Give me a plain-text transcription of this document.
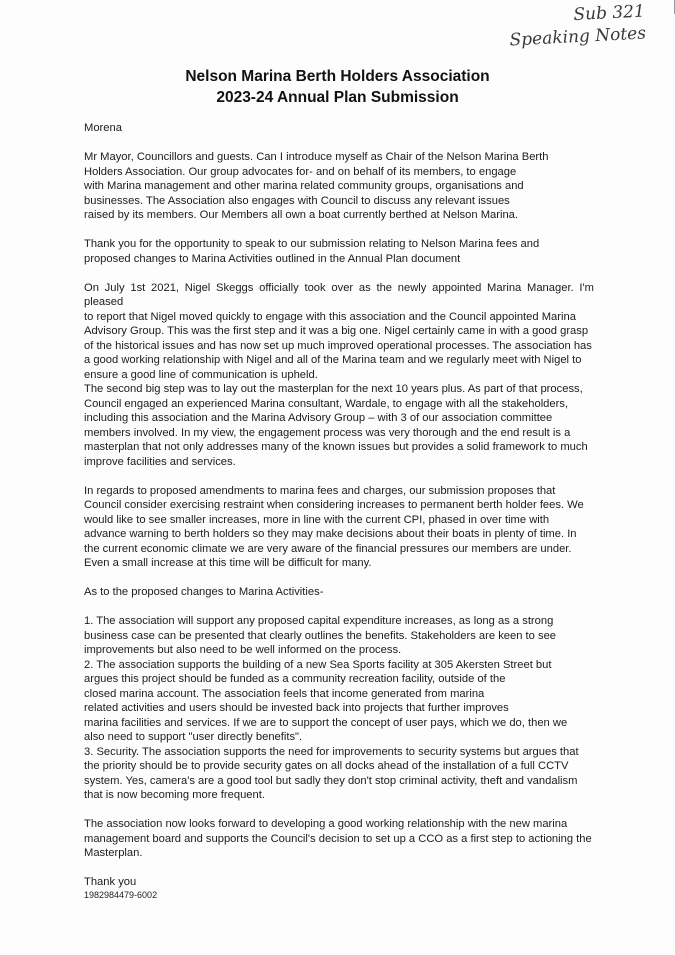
Sub 321
Speaking Notes
Nelson Marina Berth Holders Association
2023-24 Annual Plan Submission

Morena

Mr Mayor, Councillors and guests. Can I introduce myself as Chair of the Nelson Marina Berth
Holders Association. Our group advocates for- and on behalf of its members, to engage
with Marina management and other marina related community groups, organisations and
businesses. The Association also engages with Council to discuss any relevant issues
raised by its members. Our Members all own a boat currently berthed at Nelson Marina.

Thank you for the opportunity to speak to our submission relating to Nelson Marina fees and
proposed changes to Marina Activities outlined in the Annual Plan document

On July 1st 2021, Nigel Skeggs officially took over as the newly appointed Marina Manager. I'm pleased
to report that Nigel moved quickly to engage with this association and the Council appointed Marina
Advisory Group. This was the first step and it was a big one. Nigel certainly came in with a good grasp
of the historical issues and has now set up much improved operational processes. The association has
a good working relationship with Nigel and all of the Marina team and we regularly meet with Nigel to
ensure a good line of communication is upheld.
The second big step was to lay out the masterplan for the next 10 years plus. As part of that process,
Council engaged an experienced Marina consultant, Wardale, to engage with all the stakeholders,
including this association and the Marina Advisory Group – with 3 of our association committee
members involved. In my view, the engagement process was very thorough and the end result is a
masterplan that not only addresses many of the known issues but provides a solid framework to much
improve facilities and services.

In regards to proposed amendments to marina fees and charges, our submission proposes that
Council consider exercising restraint when considering increases to permanent berth holder fees. We
would like to see smaller increases, more in line with the current CPI, phased in over time with
advance warning to berth holders so they may make decisions about their boats in plenty of time. In
the current economic climate we are very aware of the financial pressures our members are under.
Even a small increase at this time will be difficult for many.

As to the proposed changes to Marina Activities-

1. The association will support any proposed capital expenditure increases, as long as a strong
business case can be presented that clearly outlines the benefits. Stakeholders are keen to see
improvements but also need to be well informed on the process.
2. The association supports the building of a new Sea Sports facility at 305 Akersten Street but
argues this project should be funded as a community recreation facility, outside of the
closed marina account. The association feels that income generated from marina
related activities and users should be invested back into projects that further improves
marina facilities and services. If we are to support the concept of user pays, which we do, then we
also need to support "user directly benefits".
3. Security. The association supports the need for improvements to security systems but argues that
the priority should be to provide security gates on all docks ahead of the installation of a full CCTV
system. Yes, camera's are a good tool but sadly they don't stop criminal activity, theft and vandalism
that is now becoming more frequent.

The association now looks forward to developing a good working relationship with the new marina
management board and supports the Council's decision to set up a CCO as a first step to actioning the
Masterplan.

Thank you
1982984479-6002
